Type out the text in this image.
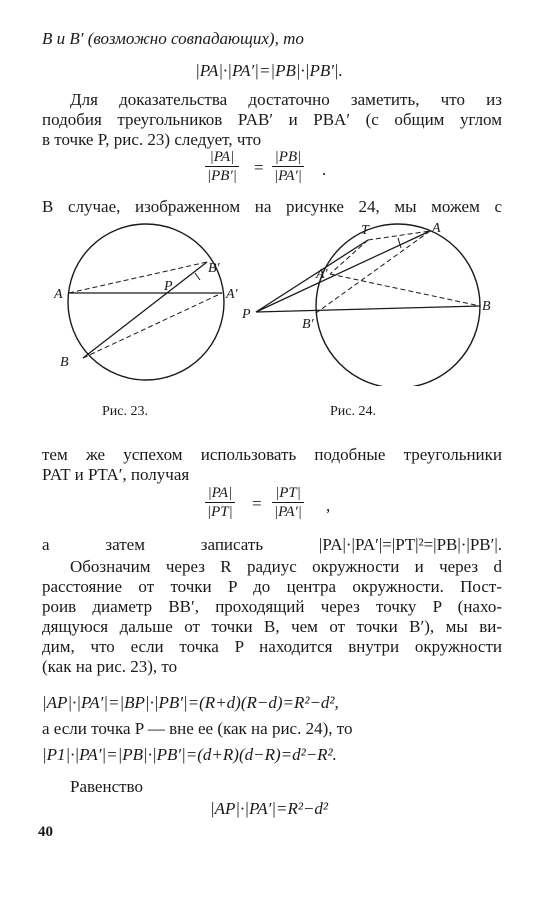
B и B′ (возможно совпадающих), то
|PA|·|PA′|=|PB|·|PB′|.
Для доказательства достаточно заметить, что из
подобия треугольников PAB′ и PBA′ (с общим углом
в точке P, рис. 23) следует, что
$\frac{|PA|}{|PB'|} = \frac{|PB|}{|PA'|}$ .
В случае, изображенном на рисунке 24, мы можем с
A
B′
P
A′
B
Рис. 23.
T	A
A′
P
B′
B
Рис. 24.
тем же успехом использовать подобные треугольники
PAT и PTA′, получая
$\frac{|PA|}{|PT|} = \frac{|PT|}{|PA'|}$ ,
а затем записать |PA|·|PA′|=|PT|²=|PB|·|PB′|.
Обозначим через R радиус окружности и через d
расстояние от точки P до центра окружности. Пост-
роив диаметр BB′, проходящий через точку P (нахо-
дящуюся дальше от точки B, чем от точки B′), мы ви-
дим, что если точка P находится внутри окружности
(как на рис. 23), то
|AP|·|PA′|=|BP|·|PB′|=(R+d)(R−d)=R²−d²,
а если точка P — вне ее (как на рис. 24), то
|P1|·|PA′|=|PB|·|PB′|=(d+R)(d−R)=d²−R².
Равенство
|AP|·|PA′|=R²−d²
40
